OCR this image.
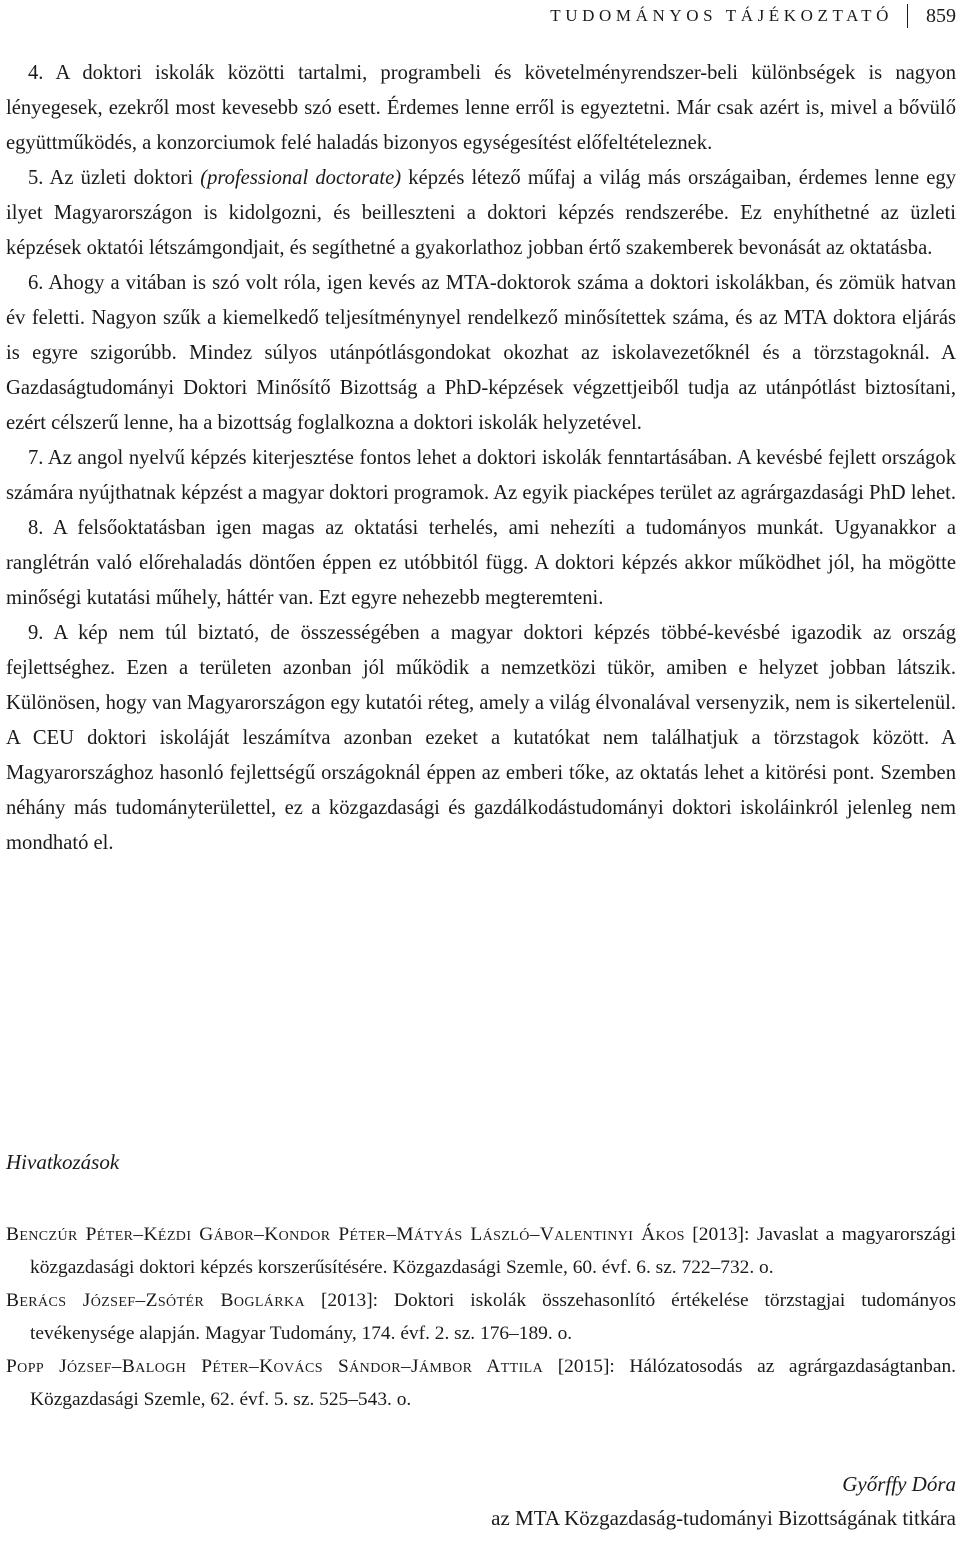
TUDOMÁNYOS TÁJÉKOZTATÓ	859

4. A doktori iskolák közötti tartalmi, programbeli és követelményrendszer-beli különbségek is nagyon lényegesek, ezekről most kevesebb szó esett. Érdemes lenne erről is egyeztetni. Már csak azért is, mivel a bővülő együttműködés, a konzorciumok felé haladás bizonyos egységesítést előfeltételeznek.

5. Az üzleti doktori (professional doctorate) képzés létező műfaj a világ más országaiban, érdemes lenne egy ilyet Magyarországon is kidolgozni, és beilleszteni a doktori képzés rendszerébe. Ez enyhíthetné az üzleti képzések oktatói létszámgondjait, és segíthetné a gyakorlathoz jobban értő szakemberek bevonását az oktatásba.

6. Ahogy a vitában is szó volt róla, igen kevés az MTA-doktorok száma a doktori iskolákban, és zömük hatvan év feletti. Nagyon szűk a kiemelkedő teljesítménynyel rendelkező minősítettek száma, és az MTA doktora eljárás is egyre szigorúbb. Mindez súlyos utánpótlásgondokat okozhat az iskolavezetőknél és a törzstagoknál. A Gazdaságtudományi Doktori Minősítő Bizottság a PhD-képzések végzettjeiből tudja az utánpótlást biztosítani, ezért célszerű lenne, ha a bizottság foglalkozna a doktori iskolák helyzetével.

7. Az angol nyelvű képzés kiterjesztése fontos lehet a doktori iskolák fenntartásában. A kevésbé fejlett országok számára nyújthatnak képzést a magyar doktori programok. Az egyik piacképes terület az agrárgazdasági PhD lehet.

8. A felsőoktatásban igen magas az oktatási terhelés, ami nehezíti a tudományos munkát. Ugyanakkor a ranglétrán való előrehaladás döntően éppen ez utóbbitól függ. A doktori képzés akkor működhet jól, ha mögötte minőségi kutatási műhely, háttér van. Ezt egyre nehezebb megteremteni.

9. A kép nem túl biztató, de összességében a magyar doktori képzés többé-kevésbé igazodik az ország fejlettséghez. Ezen a területen azonban jól működik a nemzetközi tükör, amiben e helyzet jobban látszik. Különösen, hogy van Magyarországon egy kutatói réteg, amely a világ élvonalával versenyzik, nem is sikertelenül. A CEU doktori iskoláját leszámítva azonban ezeket a kutatókat nem találhatjuk a törzstagok között. A Magyarországhoz hasonló fejlettségű országoknál éppen az emberi tőke, az oktatás lehet a kitörési pont. Szemben néhány más tudományterülettel, ez a közgazdasági és gazdálkodástudományi doktori iskoláinkról jelenleg nem mondható el.

Hivatkozások

Benczúr Péter–Kézdi Gábor–Kondor Péter–Mátyás László–Valentinyi Ákos [2013]: Javaslat a magyarországi közgazdasági doktori képzés korszerűsítésére. Közgazdasági Szemle, 60. évf. 6. sz. 722–732. o.

Berács József–Zsótér Boglárka [2013]: Doktori iskolák összehasonlító értékelése törzstagjai tudományos tevékenysége alapján. Magyar Tudomány, 174. évf. 2. sz. 176–189. o.

Popp József–Balogh Péter–Kovács Sándor–Jámbor Attila [2015]: Hálózatosodás az agrárgazdaságtanban. Közgazdasági Szemle, 62. évf. 5. sz. 525–543. o.

Győrffy Dóra
az MTA Közgazdaság-tudományi Bizottságának titkára
